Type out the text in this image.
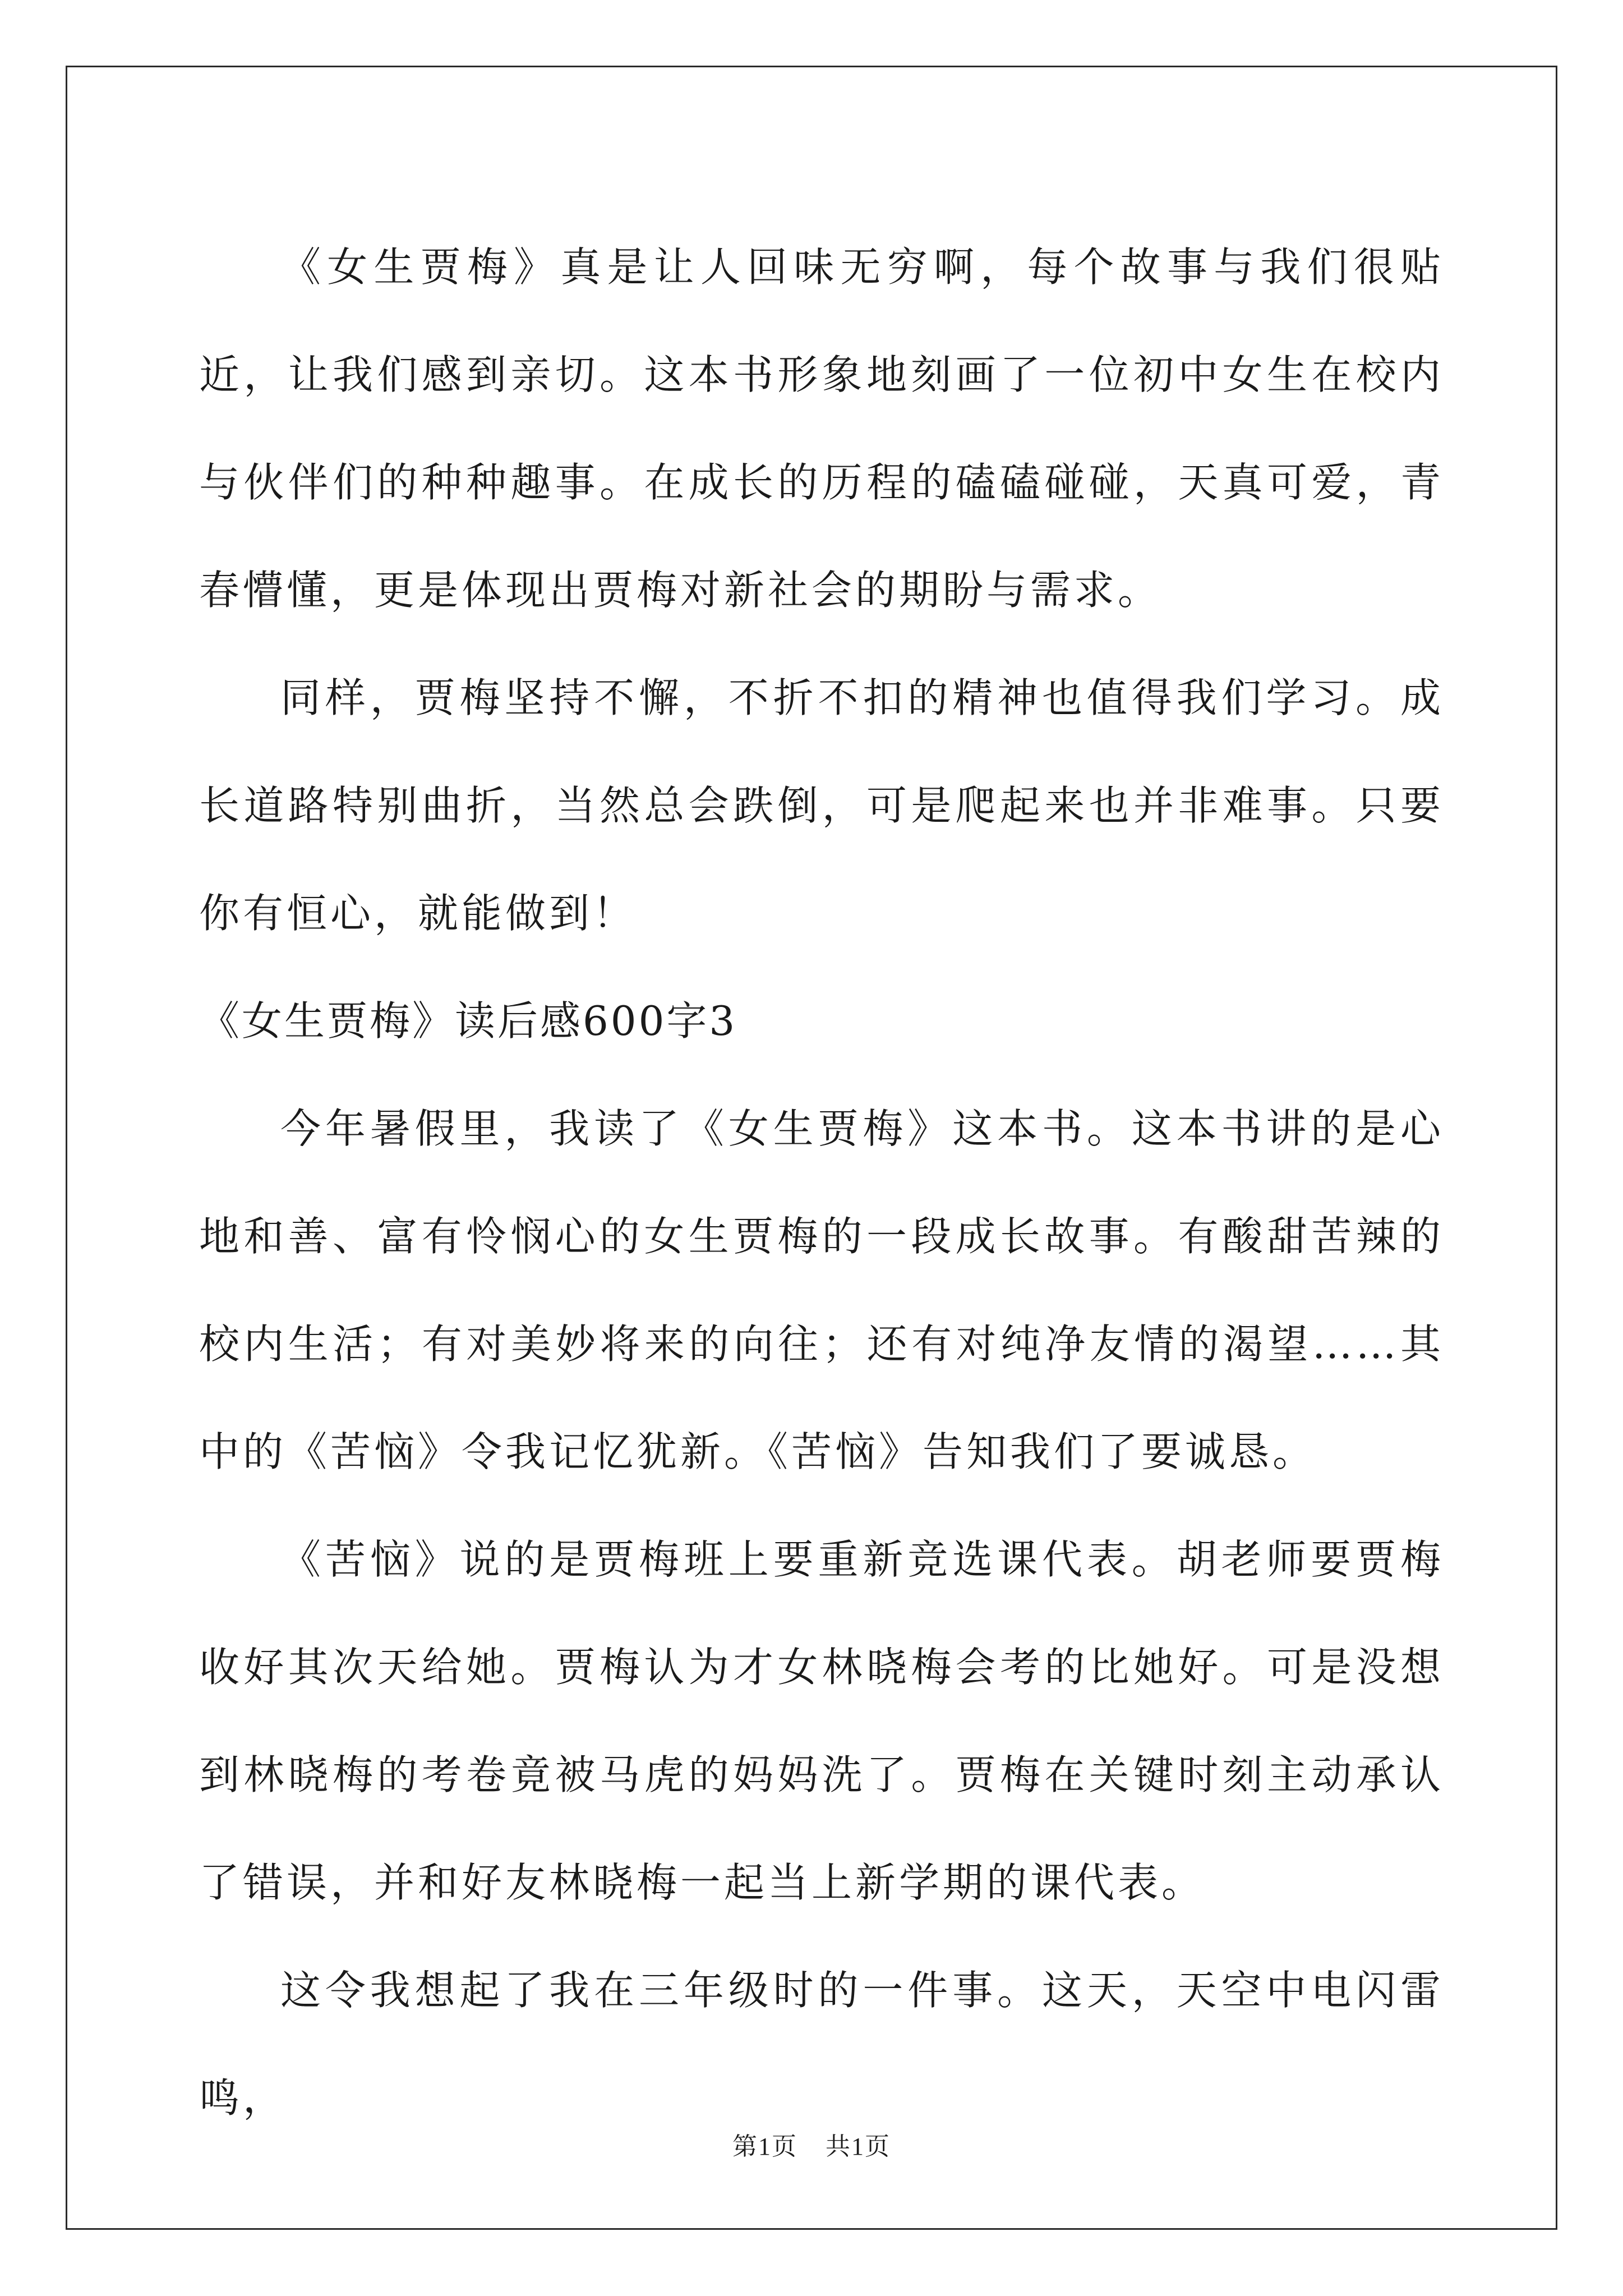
《女生贾梅》真是让人回味无穷啊，每个故事与我们很贴近，让我们感到亲切。这本书形象地刻画了一位初中女生在校内与伙伴们的种种趣事。在成长的历程的磕磕碰碰，天真可爱，青春懵懂，更是体现出贾梅对新社会的期盼与需求。

同样，贾梅坚持不懈，不折不扣的精神也值得我们学习。成长道路特别曲折，当然总会跌倒，可是爬起来也并非难事。只要你有恒心，就能做到！

《女生贾梅》读后感600字3

今年暑假里，我读了《女生贾梅》这本书。这本书讲的是心地和善、富有怜悯心的女生贾梅的一段成长故事。有酸甜苦辣的校内生活；有对美妙将来的向往；还有对纯净友情的渴望……其中的《苦恼》令我记忆犹新。《苦恼》告知我们了要诚恳。

《苦恼》说的是贾梅班上要重新竞选课代表。胡老师要贾梅收好其次天给她。贾梅认为才女林晓梅会考的比她好。可是没想到林晓梅的考卷竟被马虎的妈妈洗了。贾梅在关键时刻主动承认了错误，并和好友林晓梅一起当上新学期的课代表。

这令我想起了我在三年级时的一件事。这天，天空中电闪雷鸣，

第1页 共1页
